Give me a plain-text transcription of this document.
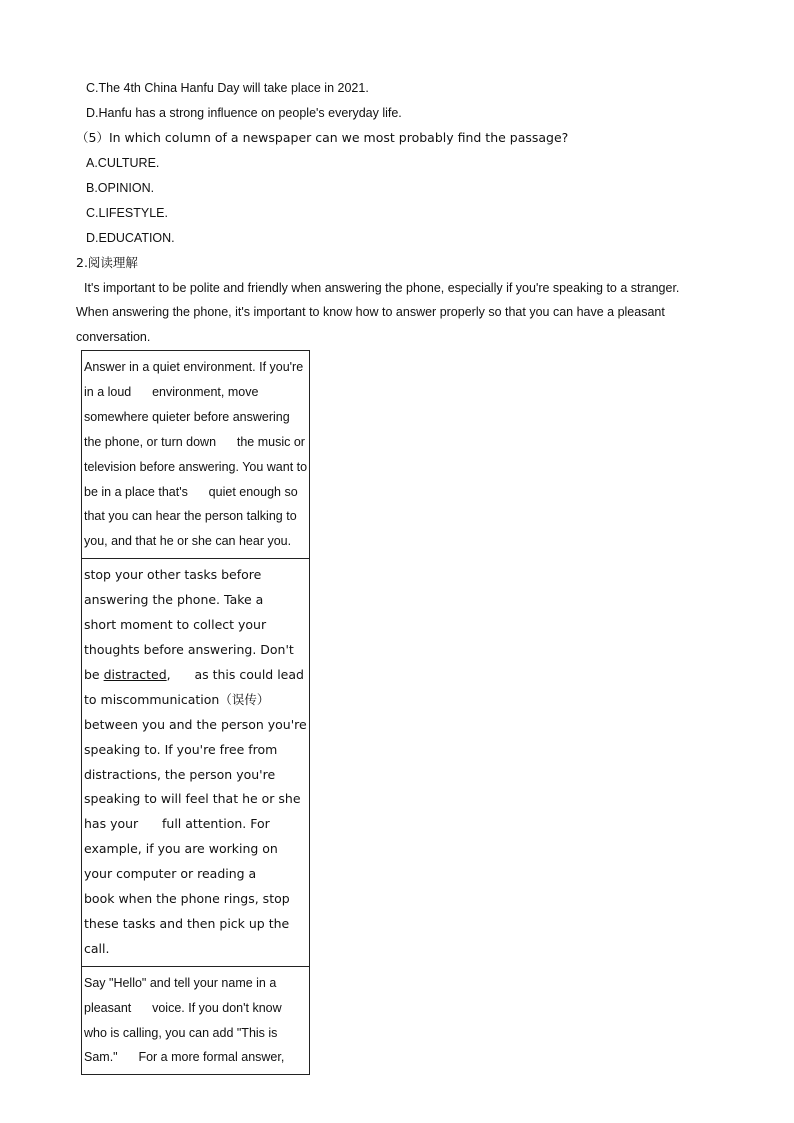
C.The 4th China Hanfu Day will take place in 2021.
D.Hanfu has a strong influence on people's everyday life.
（5）In which column of a newspaper can we most probably find the passage?
A.CULTURE.
B.OPINION.
C.LIFESTYLE.
D.EDUCATION.
2.阅读理解
It's important to be polite and friendly when answering the phone, especially if you're speaking to a stranger.
When answering the phone, it's important to know how to answer properly so that you can have a pleasant
conversation.
Answer in a quiet environment. If you're in a loud      environment, move somewhere quieter before answering the phone, or turn down      the music or television before answering. You want to be in a place that's      quiet enough so that you can hear the person talking to you, and that he or she can hear you.
stop your other tasks before answering the phone. Take a      short moment to collect your thoughts before answering. Don't be distracted,      as this could lead to miscommunication（误传）between you and the person you're speaking to. If you're free from distractions, the person you're speaking to will feel that he or she has your      full attention. For example, if you are working on your computer or reading a      book when the phone rings, stop these tasks and then pick up the call.
Say "Hello" and tell your name in a pleasant      voice. If you don't know who is calling, you can add "This is Sam."      For a more formal answer,
